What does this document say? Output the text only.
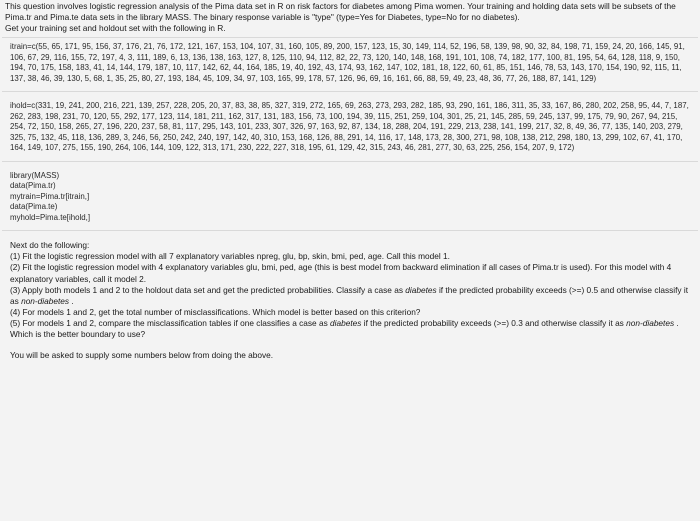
This question involves logistic regression analysis of the Pima data set in R on risk factors for diabetes among Pima women. Your training and holding data sets will be subsets of the Pima.tr and Pima.te data sets in the library MASS. The binary response variable is "type" (type=Yes for Diabetes, type=No for no diabetes).
Get your training set and holdout set with the following in R.
itrain=c(55, 65, 171, 95, 156, 37, 176, 21, 76, 172, 121, 167, 153, 104, 107, 31, 160, 105, 89, 200, 157, 123, 15, 30, 149, 114, 52, 196, 58, 139, 98, 90, 32, 84, 198, 71, 159, 24, 20, 166, 145, 91, 106, 67, 29, 116, 155, 72, 197, 4, 3, 111, 189, 6, 13, 136, 138, 163, 127, 8, 125, 110, 94, 112, 82, 22, 73, 120, 140, 148, 168, 191, 101, 108, 74, 182, 177, 100, 81, 195, 54, 64, 128, 118, 9, 150, 194, 70, 175, 158, 183, 41, 14, 144, 179, 187, 10, 117, 142, 62, 44, 164, 185, 19, 40, 192, 43, 174, 93, 162, 147, 102, 181, 18, 122, 60, 61, 85, 151, 146, 78, 53, 143, 170, 154, 190, 92, 115, 11, 137, 38, 46, 39, 130, 5, 68, 1, 35, 25, 80, 27, 193, 184, 45, 109, 34, 97, 103, 165, 99, 178, 57, 126, 96, 69, 16, 161, 66, 88, 59, 49, 23, 48, 36, 77, 26, 188, 87, 141, 129)
ihold=c(331, 19, 241, 200, 216, 221, 139, 257, 228, 205, 20, 37, 83, 38, 85, 327, 319, 272, 165, 69, 263, 273, 293, 282, 185, 93, 290, 161, 186, 311, 35, 33, 167, 86, 280, 202, 258, 95, 44, 7, 187, 262, 283, 198, 231, 70, 120, 55, 292, 177, 123, 114, 181, 211, 162, 317, 131, 183, 156, 73, 100, 194, 39, 115, 251, 259, 104, 301, 25, 21, 145, 285, 59, 245, 137, 99, 175, 79, 90, 267, 94, 215, 254, 72, 150, 158, 265, 27, 196, 220, 237, 58, 81, 117, 295, 143, 101, 233, 307, 326, 97, 163, 92, 87, 134, 18, 288, 204, 191, 229, 213, 238, 141, 199, 217, 32, 8, 49, 36, 77, 135, 140, 203, 279, 325, 75, 132, 45, 118, 136, 289, 3, 246, 56, 250, 242, 240, 197, 142, 40, 310, 153, 168, 126, 88, 291, 14, 116, 17, 148, 173, 28, 300, 271, 98, 108, 138, 212, 298, 180, 13, 299, 102, 67, 41, 170, 164, 149, 107, 275, 155, 190, 264, 106, 144, 109, 122, 313, 171, 230, 222, 227, 318, 195, 61, 129, 42, 315, 243, 46, 281, 277, 30, 63, 225, 256, 154, 207, 9, 172)
library(MASS)
data(Pima.tr)
mytrain=Pima.tr[itrain,]
data(Pima.te)
myhold=Pima.te[ihold,]
Next do the following:
(1) Fit the logistic regression model with all 7 explanatory variables npreg, glu, bp, skin, bmi, ped, age. Call this model 1.
(2) Fit the logistic regression model with 4 explanatory variables glu, bmi, ped, age (this is best model from backward elimination if all cases of Pima.tr is used). For this model with 4 explanatory variables, call it model 2.
(3) Apply both models 1 and 2 to the holdout data set and get the predicted probabilities. Classify a case as diabetes if the predicted probability exceeds (>=) 0.5 and otherwise classify it as non-diabetes .
(4) For models 1 and 2, get the total number of misclassifications. Which model is better based on this criterion?
(5) For models 1 and 2, compare the misclassification tables if one classifies a case as diabetes if the predicted probability exceeds (>=) 0.3 and otherwise classify it as non-diabetes . Which is the better boundary to use?
You will be asked to supply some numbers below from doing the above.
